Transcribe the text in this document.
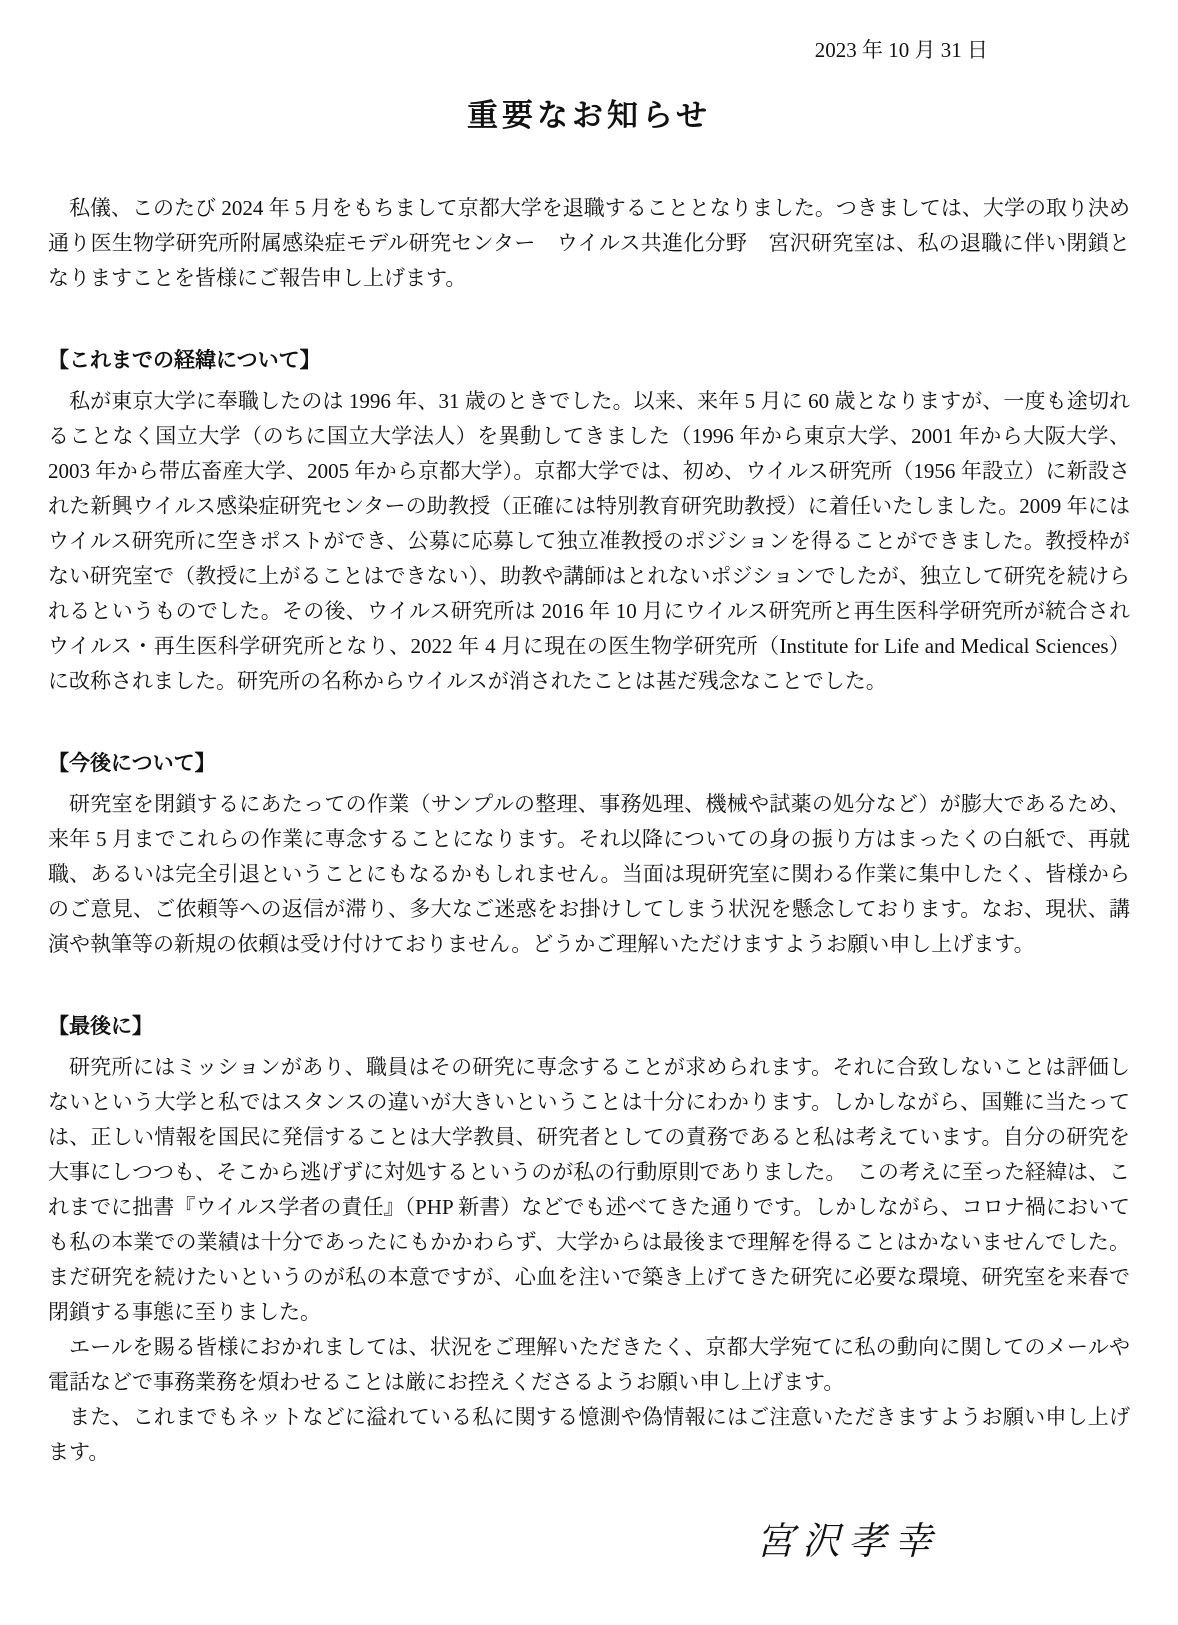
2023 年 10 月 31 日
重要なお知らせ

私儀、このたび 2024 年 5 月をもちまして京都大学を退職することとなりました。つきましては、大学の取り決め通り医生物学研究所附属感染症モデル研究センター　ウイルス共進化分野　宮沢研究室は、私の退職に伴い閉鎖となりますことを皆様にご報告申し上げます。

【これまでの経緯について】

私が東京大学に奉職したのは 1996 年、31 歳のときでした。以来、来年 5 月に 60 歳となりますが、一度も途切れることなく国立大学（のちに国立大学法人）を異動してきました（1996 年から東京大学、2001 年から大阪大学、2003 年から帯広畜産大学、2005 年から京都大学）。京都大学では、初め、ウイルス研究所（1956 年設立）に新設された新興ウイルス感染症研究センターの助教授（正確には特別教育研究助教授）に着任いたしました。2009 年にはウイルス研究所に空きポストができ、公募に応募して独立准教授のポジションを得ることができました。教授枠がない研究室で（教授に上がることはできない）、助教や講師はとれないポジションでしたが、独立して研究を続けられるというものでした。その後、ウイルス研究所は 2016 年 10 月にウイルス研究所と再生医科学研究所が統合されウイルス・再生医科学研究所となり、2022 年 4 月に現在の医生物学研究所（Institute for Life and Medical Sciences）に改称されました。研究所の名称からウイルスが消されたことは甚だ残念なことでした。

【今後について】

研究室を閉鎖するにあたっての作業（サンプルの整理、事務処理、機械や試薬の処分など）が膨大であるため、来年 5 月までこれらの作業に専念することになります。それ以降についての身の振り方はまったくの白紙で、再就職、あるいは完全引退ということにもなるかもしれません。当面は現研究室に関わる作業に集中したく、皆様からのご意見、ご依頼等への返信が滞り、多大なご迷惑をお掛けしてしまう状況を懸念しております。なお、現状、講演や執筆等の新規の依頼は受け付けておりません。どうかご理解いただけますようお願い申し上げます。

【最後に】

研究所にはミッションがあり、職員はその研究に専念することが求められます。それに合致しないことは評価しないという大学と私ではスタンスの違いが大きいということは十分にわかります。しかしながら、国難に当たっては、正しい情報を国民に発信することは大学教員、研究者としての責務であると私は考えています。自分の研究を大事にしつつも、そこから逃げずに対処するというのが私の行動原則でありました。　この考えに至った経緯は、これまでに拙書『ウイルス学者の責任』（PHP 新書）などでも述べてきた通りです。しかしながら、コロナ禍においても私の本業での業績は十分であったにもかかわらず、大学からは最後まで理解を得ることはかないませんでした。まだ研究を続けたいというのが私の本意ですが、心血を注いで築き上げてきた研究に必要な環境、研究室を来春で閉鎖する事態に至りました。

エールを賜る皆様におかれましては、状況をご理解いただきたく、京都大学宛てに私の動向に関してのメールや電話などで事務業務を煩わせることは厳にお控えくださるようお願い申し上げます。

また、これまでもネットなどに溢れている私に関する憶測や偽情報にはご注意いただきますようお願い申し上げます。

宮沢孝幸
